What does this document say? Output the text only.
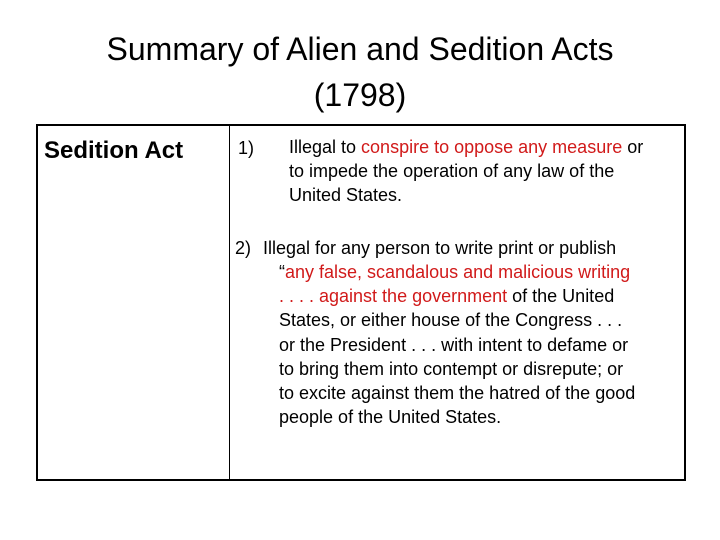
Summary of Alien and Sedition Acts
(1798)
Sedition Act	1) Illegal to conspire to oppose any measure or
to impede the operation of any law of the
United States.
2) Illegal for any person to write print or publish
“any false, scandalous and malicious writing
. . . . against the government of the United
States, or either house of the Congress . . .
or the President . . . with intent to defame or
to bring them into contempt or disrepute; or
to excite against them the hatred of the good
people of the United States.
